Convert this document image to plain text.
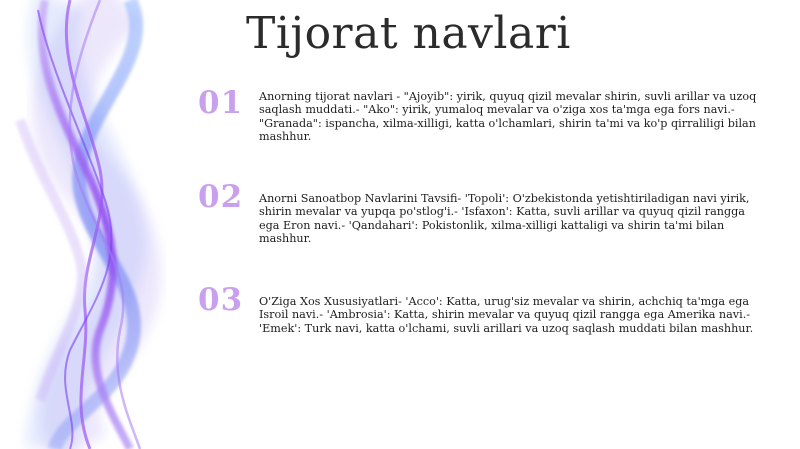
Tijorat navlari
01 Anorning tijorat navlari - "Ajoyib": yirik, quyuq qizil mevalar shirin, suvli arillar va uzoq saqlash muddati.- "Ako": yirik, yumaloq mevalar va o'ziga xos ta'mga ega fors navi.- "Granada": ispancha, xilma-xilligi, katta o'lchamlari, shirin ta'mi va ko'p qirraliligi bilan mashhur.
02 Anorni Sanoatbop Navlarini Tavsifi- 'Topoli': O'zbekistonda yetishtiriladigan navi yirik, shirin mevalar va yupqa po'stlog'i.- 'Isfaxon': Katta, suvli arillar va quyuq qizil rangga ega Eron navi.- 'Qandahari': Pokistonlik, xilma-xilligi kattaligi va shirin ta'mi bilan mashhur.
03 O'Ziga Xos Xususiyatlari- 'Acco': Katta, urug'siz mevalar va shirin, achchiq ta'mga ega Isroil navi.- 'Ambrosia': Katta, shirin mevalar va quyuq qizil rangga ega Amerika navi.- 'Emek': Turk navi, katta o'lchami, suvli arillari va uzoq saqlash muddati bilan mashhur.
